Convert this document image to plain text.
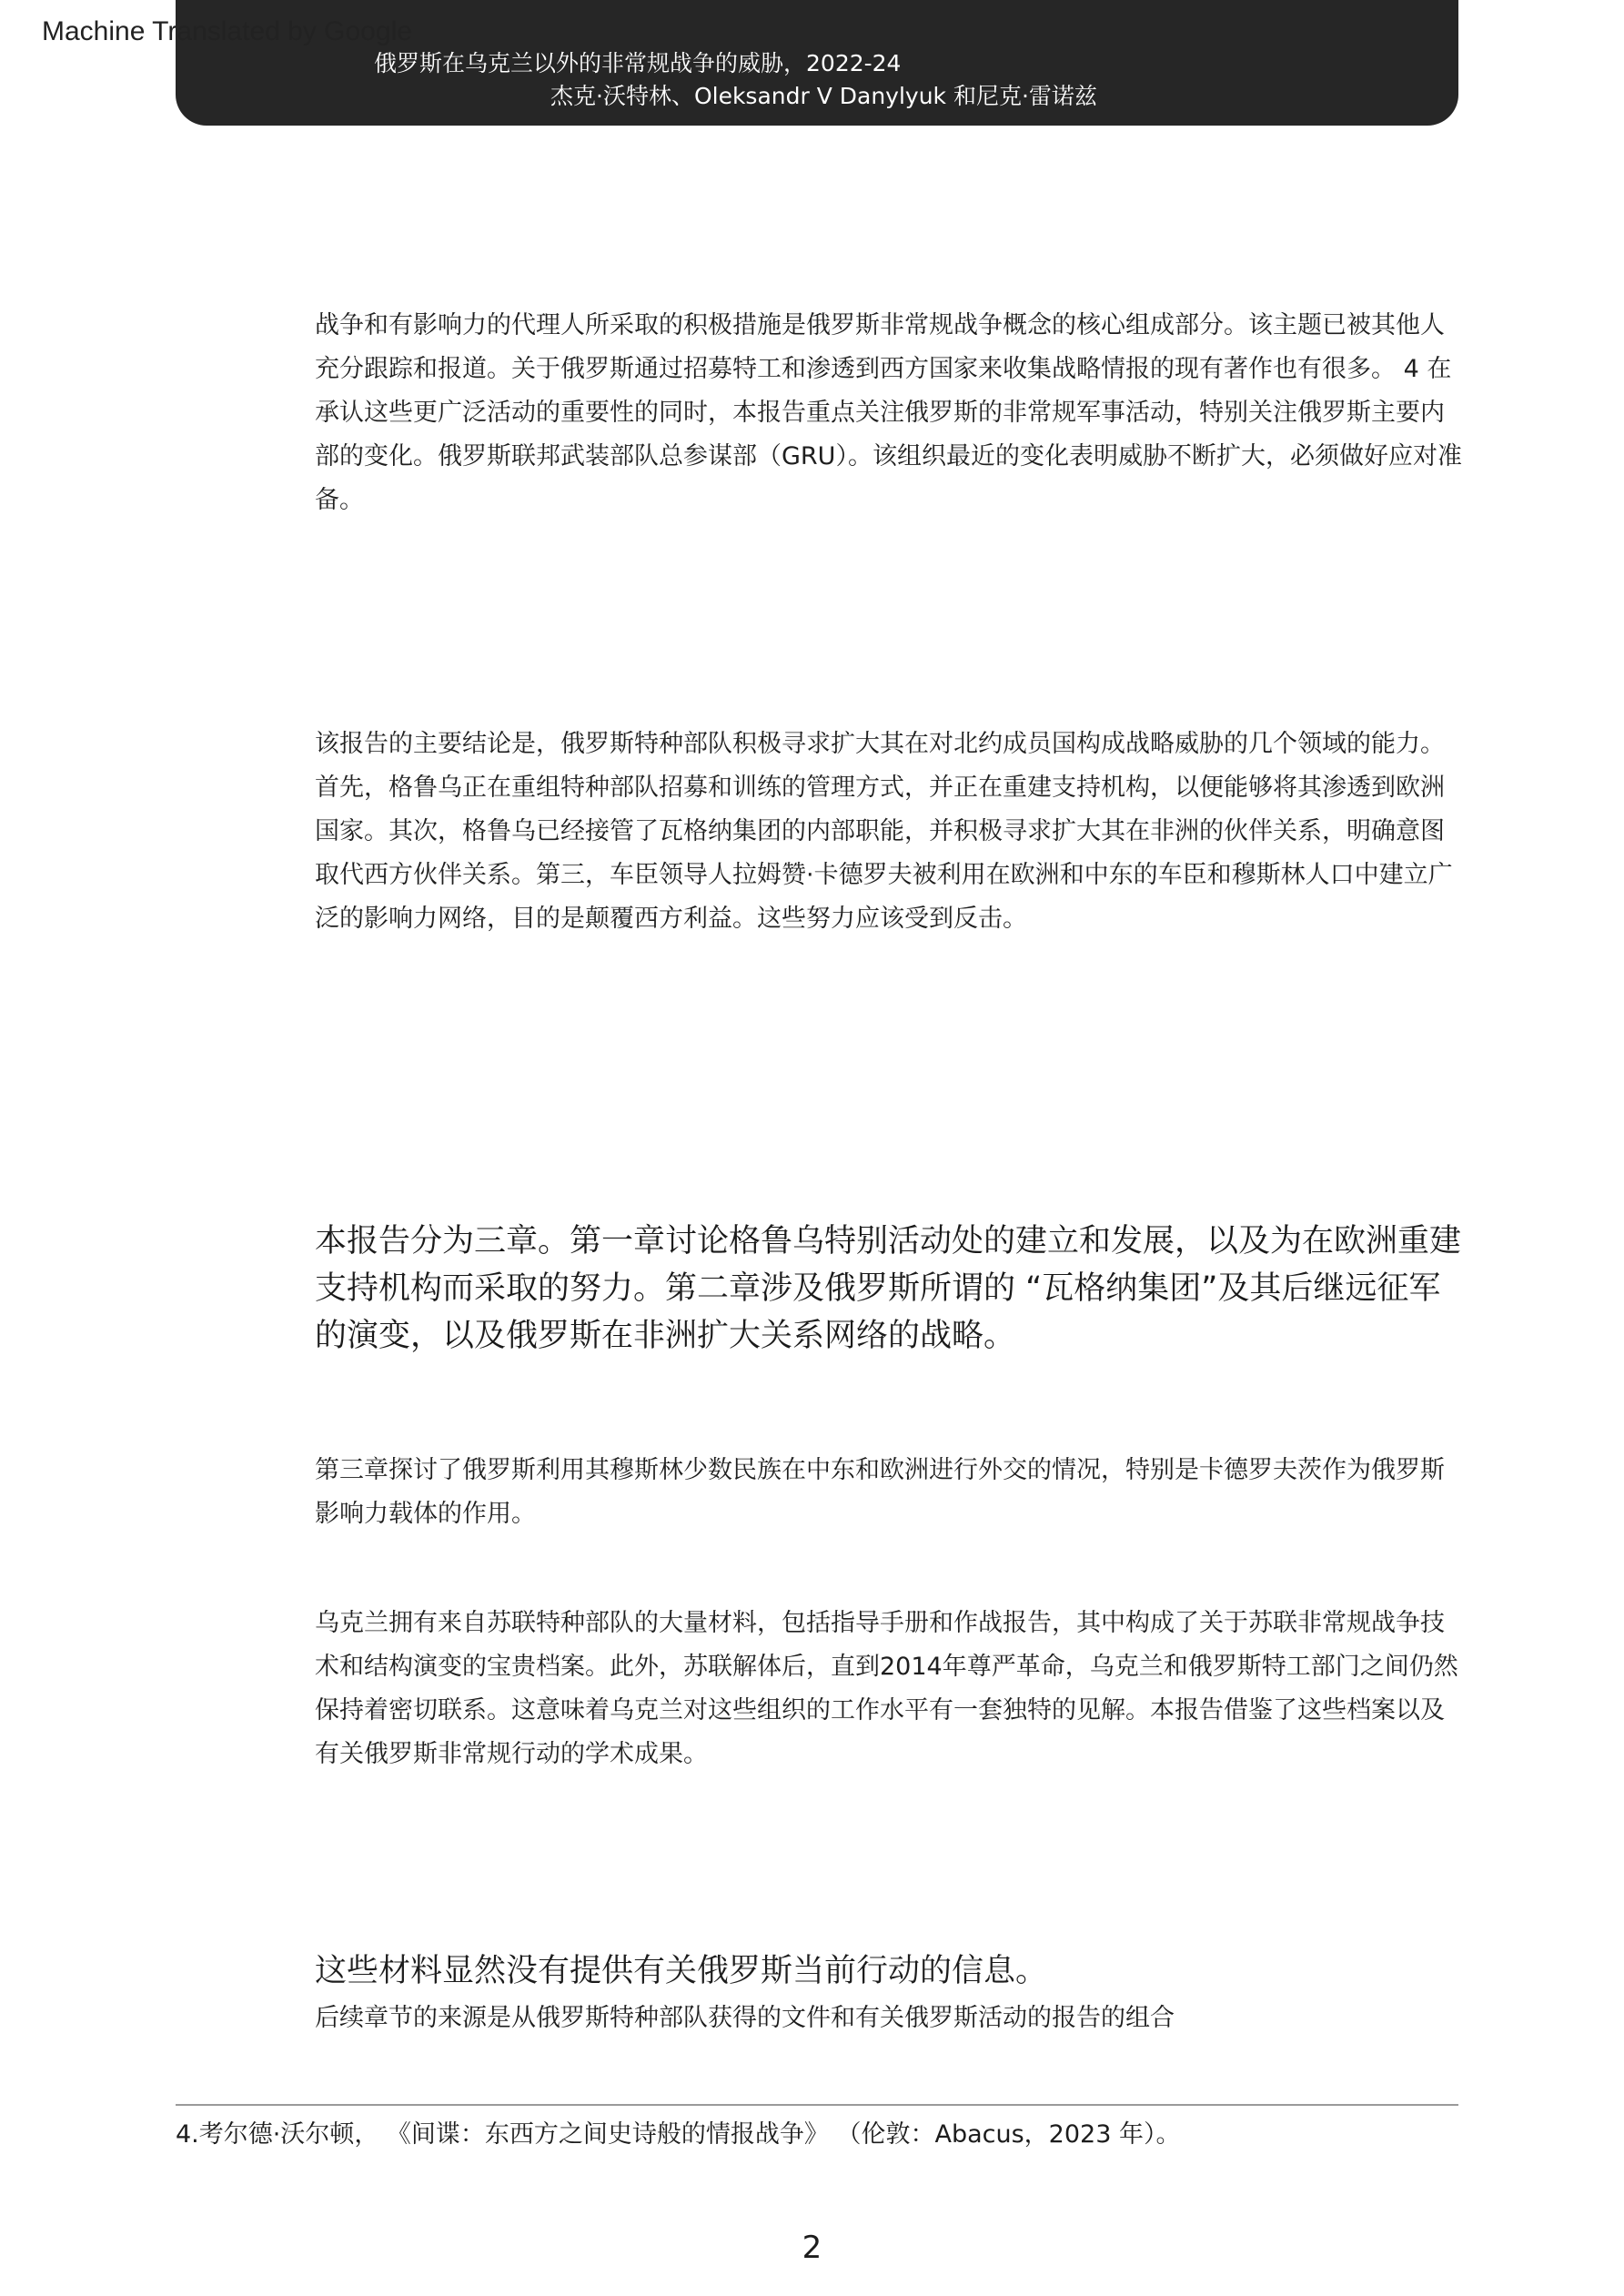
Machine Translated by Google
俄罗斯在乌克兰以外的非常规战争的威胁，2022-24
杰克·沃特林、Oleksandr V Danylyuk 和尼克·雷诺兹

战争和有影响力的代理人所采取的积极措施是俄罗斯非常规战争概念的核心组成部分。该主题已被其他人充分跟踪和报道。关于俄罗斯通过招募特工和渗透到西方国家来收集战略情报的现有著作也有很多。 4 在承认这些更广泛活动的重要性的同时，本报告重点关注俄罗斯的非常规军事活动，特别关注俄罗斯主要内部的变化。俄罗斯联邦武装部队总参谋部（GRU）。该组织最近的变化表明威胁不断扩大，必须做好应对准备。

该报告的主要结论是，俄罗斯特种部队积极寻求扩大其在对北约成员国构成战略威胁的几个领域的能力。首先，格鲁乌正在重组特种部队招募和训练的管理方式，并正在重建支持机构，以便能够将其渗透到欧洲国家。其次，格鲁乌已经接管了瓦格纳集团的内部职能，并积极寻求扩大其在非洲的伙伴关系，明确意图取代西方伙伴关系。第三，车臣领导人拉姆赞·卡德罗夫被利用在欧洲和中东的车臣和穆斯林人口中建立广泛的影响力网络，目的是颠覆西方利益。这些努力应该受到反击。

本报告分为三章。第一章讨论格鲁乌特别活动处的建立和发展，以及为在欧洲重建支持机构而采取的努力。第二章涉及俄罗斯所谓的 “瓦格纳集团”及其后继远征军的演变，以及俄罗斯在非洲扩大关系网络的战略。

第三章探讨了俄罗斯利用其穆斯林少数民族在中东和欧洲进行外交的情况，特别是卡德罗夫茨作为俄罗斯影响力载体的作用。

乌克兰拥有来自苏联特种部队的大量材料，包括指导手册和作战报告，其中构成了关于苏联非常规战争技术和结构演变的宝贵档案。此外，苏联解体后，直到2014年尊严革命，乌克兰和俄罗斯特工部门之间仍然保持着密切联系。这意味着乌克兰对这些组织的工作水平有一套独特的见解。本报告借鉴了这些档案以及有关俄罗斯非常规行动的学术成果。

这些材料显然没有提供有关俄罗斯当前行动的信息。

后续章节的来源是从俄罗斯特种部队获得的文件和有关俄罗斯活动的报告的组合

4.考尔德·沃尔顿， 《间谍：东西方之间史诗般的情报战争》 （伦敦：Abacus，2023 年）。

2
